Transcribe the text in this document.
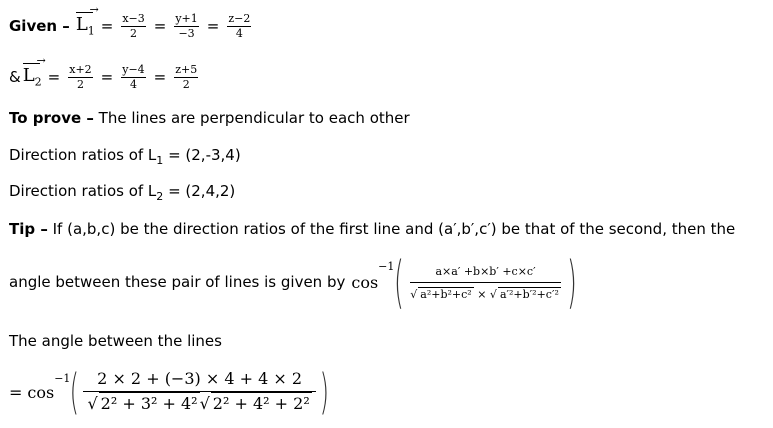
Given –
→
$L_1 = \frac{x-3}{2} = \frac{y+1}{-3} = \frac{z-2}{4}$
&
→
$L_2 = \frac{x+2}{2} = \frac{y-4}{4} = \frac{z+5}{2}$
To prove – The lines are perpendicular to each other
Direction ratios of $L_1 = (2,-3,4)$
Direction ratios of $L_2 = (2,4,2)$
Tip – If (a,b,c) be the direction ratios of the first line and (a′,b′,c′) be that of the second, then the
angle between these pair of lines is given by cos
$^{-1}$ ( $\frac{a\times a' +b\times b' +c\times c'}{\text{√ a²+b²+c² × √ a′²+b′²+c′²}}$ )
The angle between the lines
= cos
$^{-1}$ ( $\frac{2 \times 2 + (-3) \times 4 + 4 \times 2}{\text{√ 2² + 3² + 4² √ 2² + 4² + 2²}}$ )
